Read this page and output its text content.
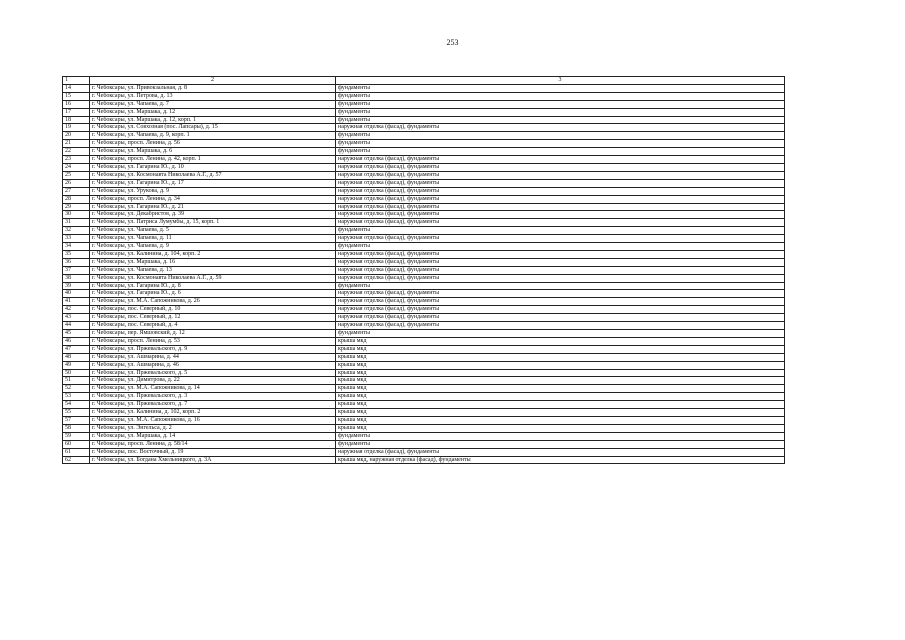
253
1	2	3
14	г. Чебоксары, ул. Привокзальная, д. 8	фундаменты
15	г. Чебоксары, ул. Петрова, д. 13	фундаменты
16	г. Чебоксары, ул. Чапаева, д. 7	фундаменты
17	г. Чебоксары, ул. Маршака, д. 12	фундаменты
18	г. Чебоксары, ул. Маршака, д. 12, корп. 1	фундаменты
19	г. Чебоксары, ул. Совхозная (пос. Лапсары), д. 15	наружная отделка (фасад), фундаменты
20	г. Чебоксары, ул. Чапаева, д. 9, корп. 1	фундаменты
21	г. Чебоксары, просп. Ленина, д. 56	фундаменты
22	г. Чебоксары, ул. Маршака, д. 6	фундаменты
23	г. Чебоксары, просп. Ленина, д. 42, корп. 1	наружная отделка (фасад), фундаменты
24	г. Чебоксары, ул. Гагарина Ю., д. 10	наружная отделка (фасад), фундаменты
25	г. Чебоксары, ул. Космонавта Николаева А.Г., д. 57	наружная отделка (фасад), фундаменты
26	г. Чебоксары, ул. Гагарина Ю., д. 17	наружная отделка (фасад), фундаменты
27	г. Чебоксары, ул. Урукова, д. 9	наружная отделка (фасад), фундаменты
28	г. Чебоксары, просп. Ленина, д. 34	наружная отделка (фасад), фундаменты
29	г. Чебоксары, ул. Гагарина Ю., д. 21	наружная отделка (фасад), фундаменты
30	г. Чебоксары, ул. Декабристов, д. 39	наружная отделка (фасад), фундаменты
31	г. Чебоксары, ул. Патриса Лумумбы, д. 15, корп. 1	наружная отделка (фасад), фундаменты
32	г. Чебоксары, ул. Чапаева, д. 5	фундаменты
33	г. Чебоксары, ул. Чапаева, д. 11	наружная отделка (фасад), фундаменты
34	г. Чебоксары, ул. Чапаева, д. 9	фундаменты
35	г. Чебоксары, ул. Калинина, д. 104, корп. 2	наружная отделка (фасад), фундаменты
36	г. Чебоксары, ул. Маршака, д. 16	наружная отделка (фасад), фундаменты
37	г. Чебоксары, ул. Чапаева, д. 13	наружная отделка (фасад), фундаменты
38	г. Чебоксары, ул. Космонавта Николаева А.Г., д. 59	наружная отделка (фасад), фундаменты
39	г. Чебоксары, ул. Гагарина Ю., д. 8	фундаменты
40	г. Чебоксары, ул. Гагарина Ю., д. 6	наружная отделка (фасад), фундаменты
41	г. Чебоксары, ул. М.А. Сапожникова, д. 26	наружная отделка (фасад), фундаменты
42	г. Чебоксары, пос. Северный, д. 10	наружная отделка (фасад), фундаменты
43	г. Чебоксары, пос. Северный, д. 12	наружная отделка (фасад), фундаменты
44	г. Чебоксары, пос. Северный, д. 4	наружная отделка (фасад), фундаменты
45	г. Чебоксары, пер. Ямшовский, д. 12	фундаменты
46	г. Чебоксары, просп. Ленина, д. 53	крыша мкд
47	г. Чебоксары, ул. Пржевальского, д. 9	крыша мкд
48	г. Чебоксары, ул. Ашмарина, д. 44	крыша мкд
49	г. Чебоксары, ул. Ашмарина, д. 46	крыша мкд
50	г. Чебоксары, ул. Пржевальского, д. 5	крыша мкд
51	г. Чебоксары, ул. Димитрова, д. 22	крыша мкд
52	г. Чебоксары, ул. М.А. Сапожникова, д. 14	крыша мкд
53	г. Чебоксары, ул. Пржевальского, д. 3	крыша мкд
54	г. Чебоксары, ул. Пржевальского, д. 7	крыша мкд
55	г. Чебоксары, ул. Калинина, д. 102, корп. 2	крыша мкд
57	г. Чебоксары, ул. М.А. Сапожникова, д. 16	крыша мкд
58	г. Чебоксары, ул. Энгельса, д. 2	крыша мкд
59	г. Чебоксары, ул. Маршака, д. 14	фундаменты
60	г. Чебоксары, просп. Ленина, д. 58/14	фундаменты
61	г. Чебоксары, пос. Восточный, д. 19	наружная отделка (фасад), фундаменты
62	г. Чебоксары, ул. Богдана Хмельницкого, д. 3А	крыша мкд, наружная отделка (фасад), фундаменты
